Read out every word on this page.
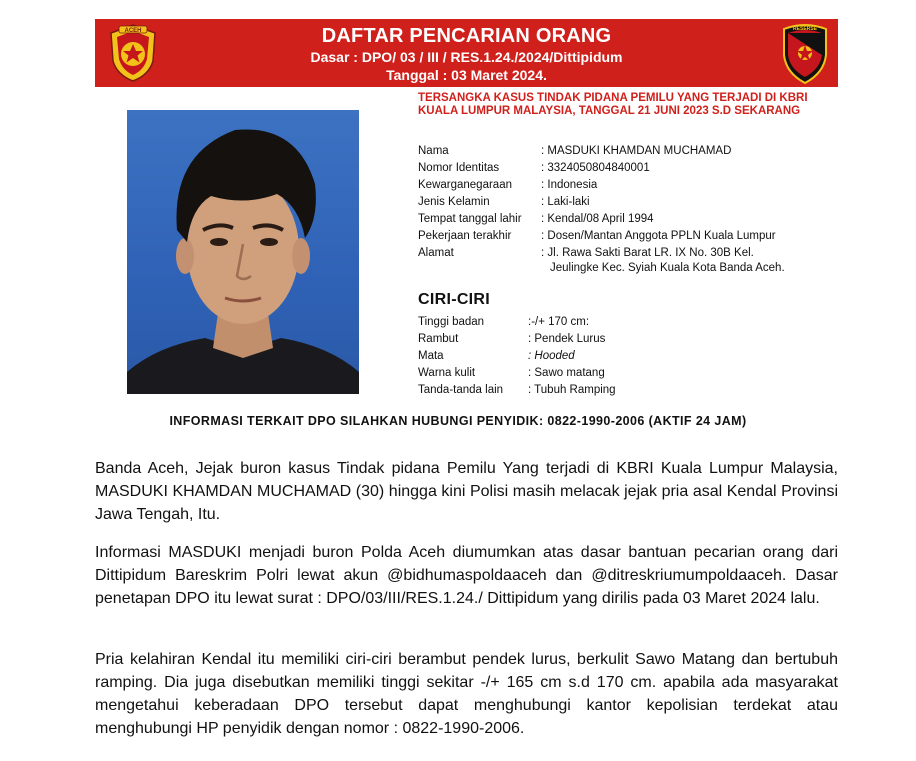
ACEH	DAFTAR PENCARIAN ORANG
Dasar : DPO/ 03 / III / RES.1.24./2024/Dittipidum
Tanggal : 03 Maret 2024.
RESERSE
TERSANGKA KASUS TINDAK PIDANA PEMILU YANG TERJADI DI KBRI KUALA LUMPUR MALAYSIA, TANGGAL 21 JUNI 2023 S.D SEKARANG
Nama	: MASDUKI KHAMDAN MUCHAMAD
Nomor Identitas	: 3324050804840001
Kewarganegaraan	: Indonesia
Jenis Kelamin	: Laki-laki
Tempat tanggal lahir : Kendal/08 April 1994
Pekerjaan terakhir	: Dosen/Mantan Anggota PPLN Kuala Lumpur
Alamat	: Jl. Rawa Sakti Barat LR. IX No. 30B Kel.
Jeulingke Kec. Syiah Kuala Kota Banda Aceh.
CIRI-CIRI
Tinggi badan	:-/+ 170 cm:
Rambut	: Pendek Lurus
Mata	: Hooded
Warna kulit	: Sawo matang
Tanda-tanda lain : Tubuh Ramping
INFORMASI TERKAIT DPO SILAHKAN HUBUNGI PENYIDIK: 0822-1990-2006 (AKTIF 24 JAM)

Banda Aceh, Jejak buron kasus Tindak pidana Pemilu Yang terjadi di KBRI Kuala Lumpur Malaysia, MASDUKI KHAMDAN MUCHAMAD (30) hingga kini Polisi masih melacak jejak pria asal Kendal Provinsi Jawa Tengah, Itu.

Informasi MASDUKI menjadi buron Polda Aceh diumumkan atas dasar bantuan pecarian orang dari Dittipidum Bareskrim Polri lewat akun @bidhumaspoldaaceh dan @ditreskriumumpoldaaceh. Dasar penetapan DPO itu lewat surat : DPO/03/III/RES.1.24./ Dittipidum yang dirilis pada 03 Maret 2024 lalu.

Pria kelahiran Kendal itu memiliki ciri-ciri berambut pendek lurus, berkulit Sawo Matang dan bertubuh ramping. Dia juga disebutkan memiliki tinggi sekitar -/+ 165 cm s.d 170 cm. apabila ada masyarakat mengetahui keberadaan DPO tersebut dapat menghubungi kantor kepolisian terdekat atau menghubungi HP penyidik dengan nomor : 0822-1990-2006.
